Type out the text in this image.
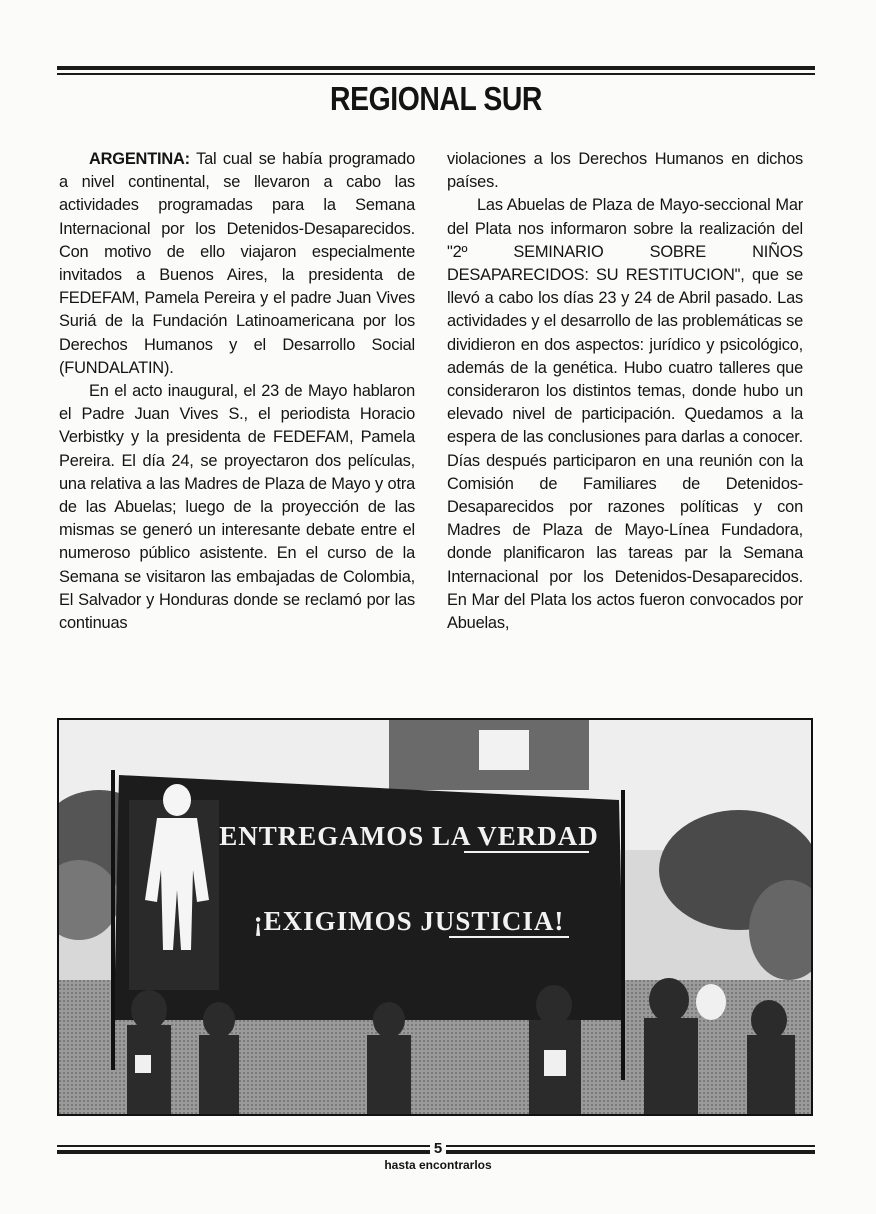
REGIONAL SUR

ARGENTINA: Tal cual se había programado a nivel continental, se llevaron a cabo las actividades programadas para la Semana Internacional por los Detenidos-Desaparecidos. Con motivo de ello viajaron especialmente invitados a Buenos Aires, la presidenta de FEDEFAM, Pamela Pereira y el padre Juan Vives Suriá de la Fundación Latinoamericana por los Derechos Humanos y el Desarrollo Social (FUNDALATIN).

En el acto inaugural, el 23 de Mayo hablaron el Padre Juan Vives S., el periodista Horacio Verbistky y la presidenta de FEDEFAM, Pamela Pereira. El día 24, se proyectaron dos películas, una relativa a las Madres de Plaza de Mayo y otra de las Abuelas; luego de la proyección de las mismas se generó un interesante debate entre el numeroso público asistente. En el curso de la Semana se visitaron las embajadas de Colombia, El Salvador y Honduras donde se reclamó por las continuas

violaciones a los Derechos Humanos en dichos países.

Las Abuelas de Plaza de Mayo-seccional Mar del Plata nos informaron sobre la realización del "2º SEMINARIO SOBRE NIÑOS DESAPARECIDOS: SU RESTITUCION", que se llevó a cabo los días 23 y 24 de Abril pasado. Las actividades y el desarrollo de las problemáticas se dividieron en dos aspectos: jurídico y psicológico, además de la genética. Hubo cuatro talleres que consideraron los distintos temas, donde hubo un elevado nivel de participación. Quedamos a la espera de las conclusiones para darlas a conocer. Días después participaron en una reunión con la Comisión de Familiares de Detenidos-Desaparecidos por razones políticas y con Madres de Plaza de Mayo-Línea Fundadora, donde planificaron las tareas par la Semana Internacional por los Detenidos-Desaparecidos. En Mar del Plata los actos fueron convocados por Abuelas,

ENTREGAMOS LA VERDAD
¡EXIGIMOS JUSTICIA!
5
hasta encontrarlos
